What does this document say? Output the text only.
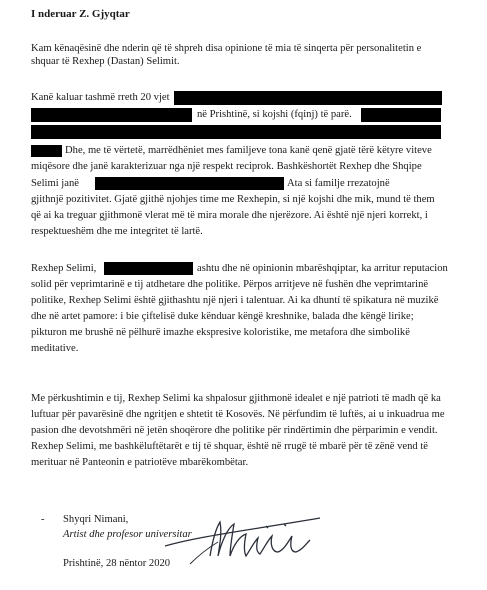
I nderuar Z. Gjyqtar
Kam kënaqësinë dhe nderin që të shpreh disa opinione të mia të sinqerta për personalitetin e
shquar të Rexhep (Dastan) Selimit.
Kanë kaluar tashmë rreth 20 vjet
në Prishtinë, si kojshi (fqinj) të parë.
Dhe, me të vërtetë, marrëdhëniet mes familjeve tona kanë qenë gjatë tërë këtyre viteve
miqësore dhe janë karakterizuar nga një respekt reciprok. Bashkëshortët Rexhep dhe Shqipe
Selimi janë	Ata si familje rrezatojnë
gjithnjë pozitivitet. Gjatë gjithë njohjes time me Rexhepin, si një kojshi dhe mik, mund të them
që ai ka treguar gjithmonë vlerat më të mira morale dhe njerëzore. Ai është një njeri korrekt, i
respektueshëm dhe me integritet të lartë.
Rexhep Selimi,	ashtu dhe në opinionin mbarëshqiptar, ka arritur reputacion
solid për veprimtarinë e tij atdhetare dhe politike. Përpos arritjeve në fushën dhe veprimtarinë
politike, Rexhep Selimi është gjithashtu një njeri i talentuar. Ai ka dhuntí të spikatura në muzikë
dhe në artet pamore: i bie çiftelisë duke kënduar këngë kreshnike, balada dhe këngë lirike;
pikturon me brushë në pëlhurë imazhe ekspresive koloristike, me metafora dhe simbolikë
meditative.
Me përkushtimin e tij, Rexhep Selimi ka shpalosur gjithmonë idealet e një patrioti të madh që ka
luftuar për pavarësinë dhe ngritjen e shtetit të Kosovës. Në përfundim të luftës, ai u inkuadrua me
pasion dhe devotshmëri në jetën shoqërore dhe politike për rindërtimin dhe përparimin e vendit.
Rexhep Selimi, me bashkëluftëtarët e tij të shquar, është në rrugë të mbarë për të zënë vend të
merituar në Panteonin e patriotëve mbarëkombëtar.
- Shyqri Nimani,
Artist dhe profesor universitar
Prishtinë, 28 nëntor 2020
